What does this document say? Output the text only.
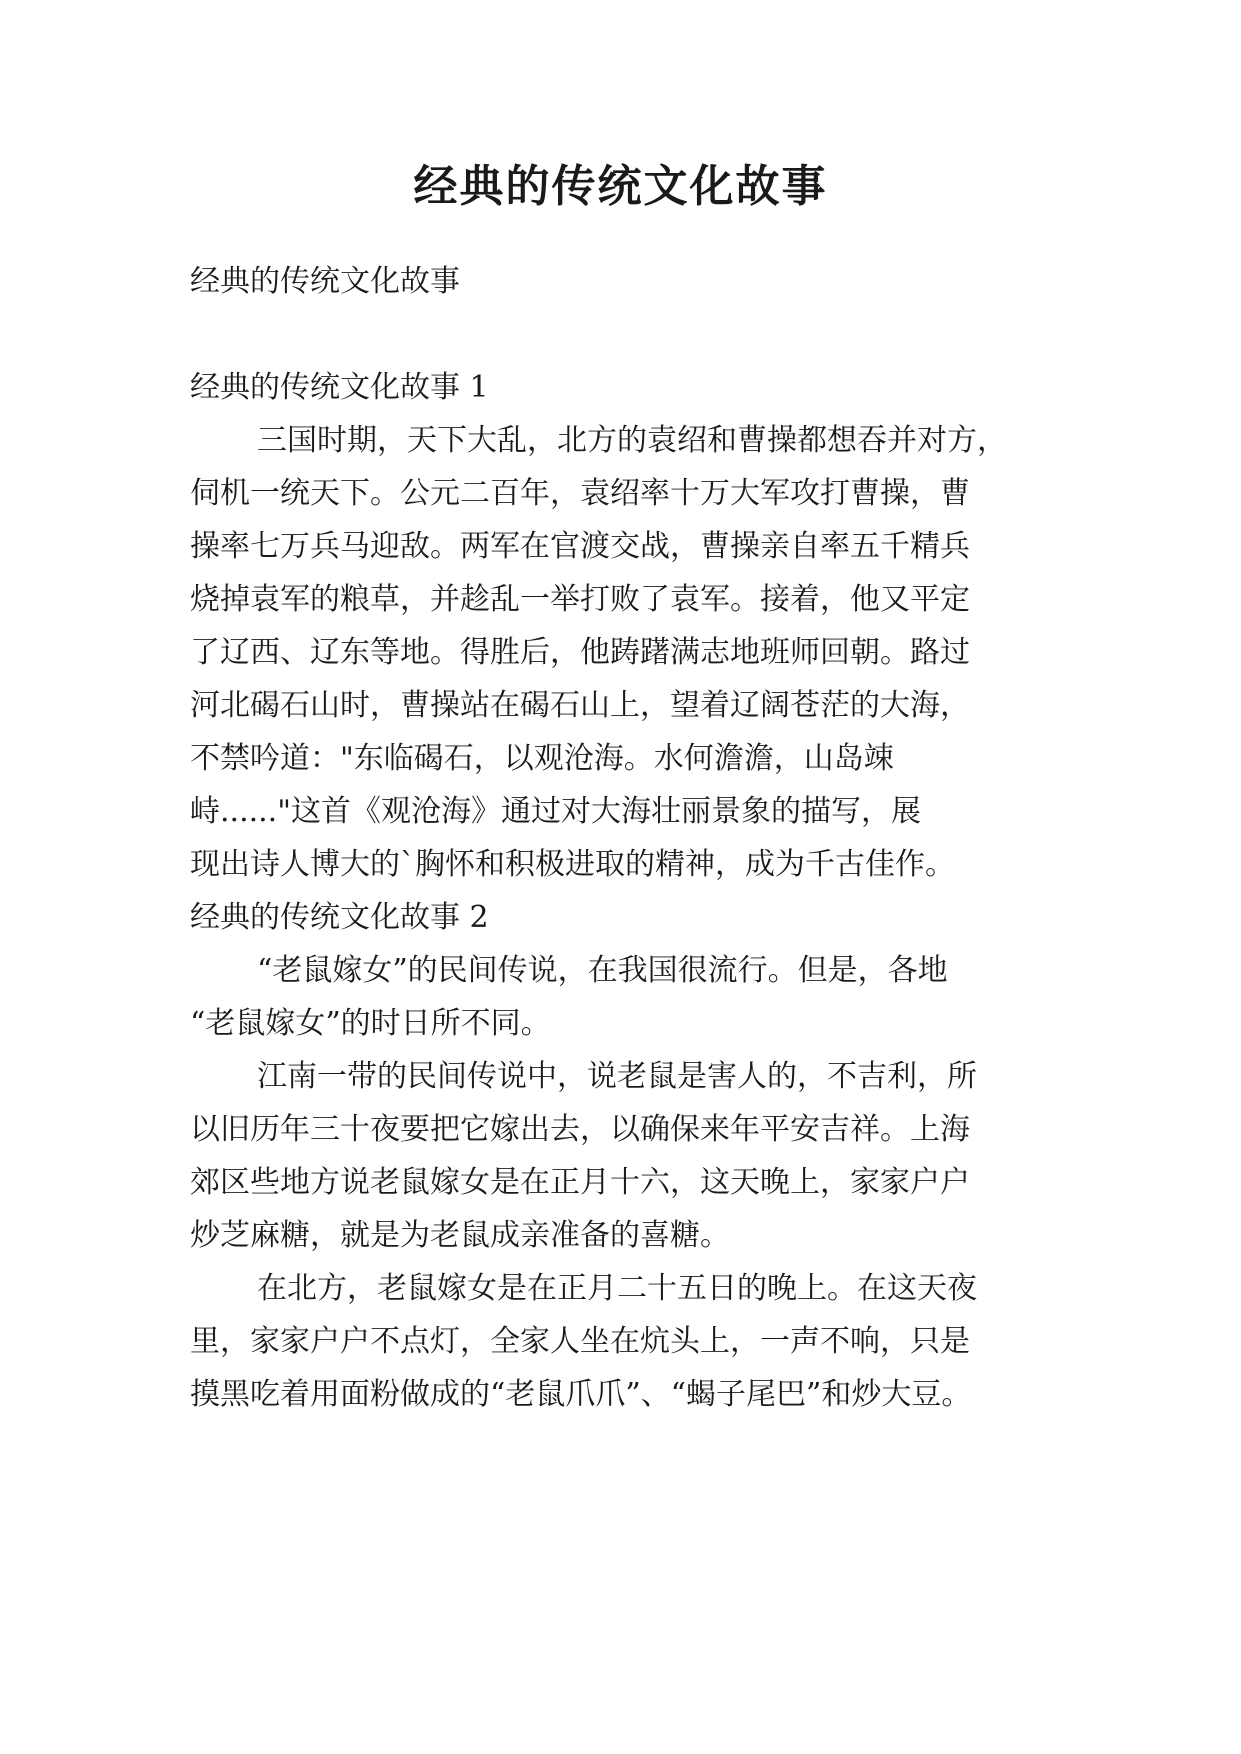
经典的传统文化故事

经典的传统文化故事

经典的传统文化故事 1

三国时期，天下大乱，北方的袁绍和曹操都想吞并对方，

伺机一统天下。公元二百年，袁绍率十万大军攻打曹操，曹

操率七万兵马迎敌。两军在官渡交战，曹操亲自率五千精兵

烧掉袁军的粮草，并趁乱一举打败了袁军。接着，他又平定

了辽西、辽东等地。得胜后，他踌躇满志地班师回朝。路过

河北碣石山时，曹操站在碣石山上，望着辽阔苍茫的大海，

不禁吟道："东临碣石，以观沧海。水何澹澹，山岛竦

峙......"这首《观沧海》通过对大海壮丽景象的描写，展

现出诗人博大的`胸怀和积极进取的精神，成为千古佳作。

经典的传统文化故事 2

“老鼠嫁女”的民间传说，在我国很流行。但是，各地

“老鼠嫁女”的时日所不同。

江南一带的民间传说中，说老鼠是害人的，不吉利，所

以旧历年三十夜要把它嫁出去，以确保来年平安吉祥。上海

郊区些地方说老鼠嫁女是在正月十六，这天晚上，家家户户

炒芝麻糖，就是为老鼠成亲准备的喜糖。

在北方，老鼠嫁女是在正月二十五日的晚上。在这天夜

里，家家户户不点灯，全家人坐在炕头上，一声不响，只是

摸黑吃着用面粉做成的“老鼠爪爪”、“蝎子尾巴”和炒大豆。
